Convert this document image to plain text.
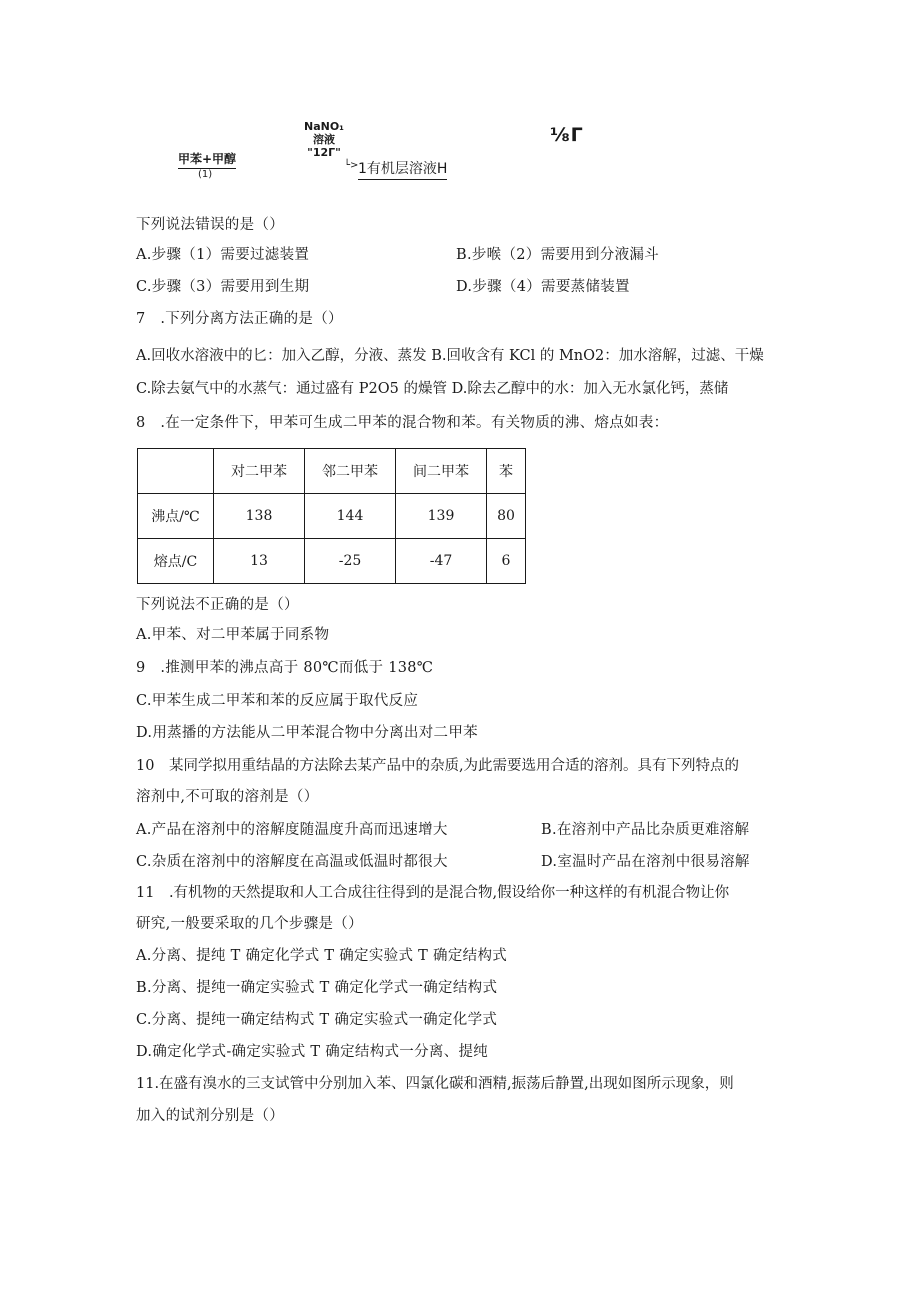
甲苯+甲醇
(1)
NaNO₁
溶液
"12Γ"
└> 1有机层溶液H
⅛Γ
下列说法错误的是（）
A.步骤（1）需要过滤装置	B.步喉（2）需要用到分液漏斗
C.步骤（3）需要用到生期	D.步骤（4）需要蒸储装置
7　.下列分离方法正确的是（）
A.回收水溶液中的匕：加入乙醇，分液、蒸发 B.回收含有 KCl 的 MnO2：加水溶解，过滤、干燥
C.除去氨气中的水蒸气：通过盛有 P2O5 的燥管 D.除去乙醇中的水：加入无水氯化钙，蒸储
8　.在一定条件下，甲苯可生成二甲苯的混合物和苯。有关物质的沸、熔点如表：
	对二甲苯	邻二甲苯	间二甲苯	苯
沸点/℃	138	144	139	80
熔点/C	13	-25	-47	6
下列说法不正确的是（）
A.甲苯、对二甲苯属于同系物
9　.推测甲苯的沸点高于 80℃而低于 138℃
C.甲苯生成二甲苯和苯的反应属于取代反应
D.用蒸播的方法能从二甲苯混合物中分离出对二甲苯
10　某同学拟用重结晶的方法除去某产品中的杂质,为此需要选用合适的溶剂。具有下列特点的
溶剂中,不可取的溶剂是（）
A.产品在溶剂中的溶解度随温度升高而迅速增大	B.在溶剂中产品比杂质更难溶解
C.杂质在溶剂中的溶解度在高温或低温时都很大	D.室温时产品在溶剂中很易溶解
11　.有机物的天然提取和人工合成往往得到的是混合物,假设给你一种这样的有机混合物让你
研究,一般要采取的几个步骤是（）
A.分离、提纯 T 确定化学式 T 确定实验式 T 确定结构式
B.分离、提纯一确定实验式 T 确定化学式一确定结构式
C.分离、提纯一确定结构式 T 确定实验式一确定化学式
D.确定化学式-确定实验式 T 确定结构式一分离、提纯
11.在盛有溴水的三支试管中分别加入苯、四氯化碳和酒精,振荡后静置,出现如图所示现象，则
加入的试剂分别是（）
